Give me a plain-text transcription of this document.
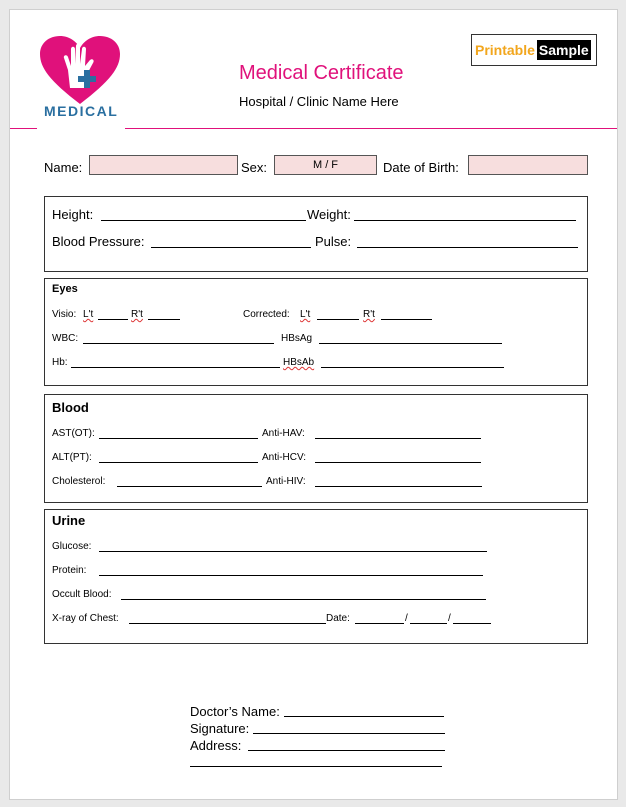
MEDICAL
Medical Certificate
Hospital / Clinic Name Here
Printable Sample
Name:	Sex:	M / F	Date of Birth:
Height:	Weight:
Blood Pressure:	Pulse:
Eyes
Visio: L't	R't	Corrected: L't	R't
WBC:	HBsAg
Hb:	HBsAb
Blood
AST(OT):	Anti-HAV:
ALT(PT):	Anti-HCV:
Cholesterol:	Anti-HIV:
Urine
Glucose:
Protein:
Occult Blood:
X-ray of Chest:	Date:	/	/
Doctor’s Name:
Signature:
Address:
